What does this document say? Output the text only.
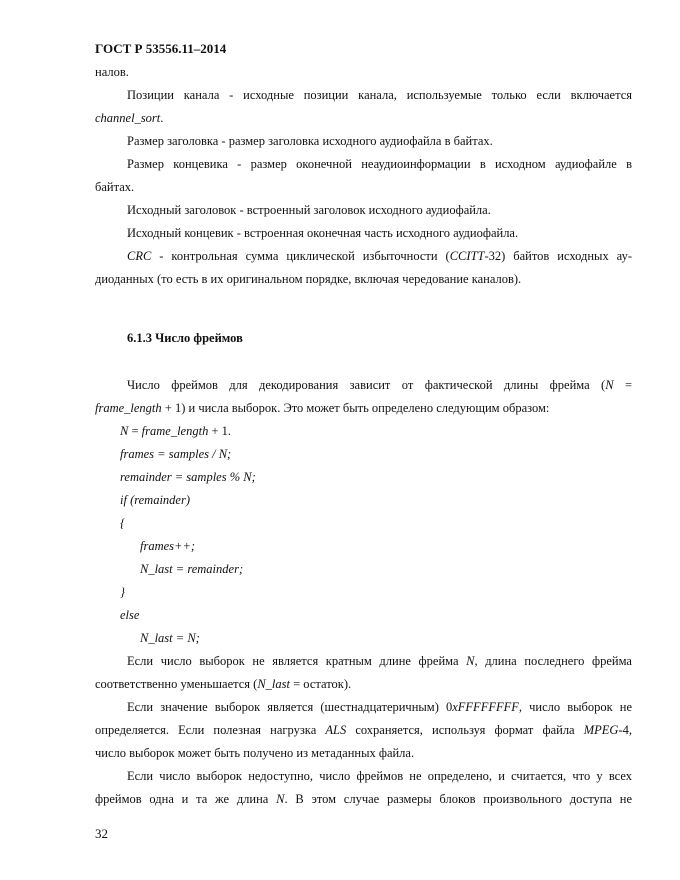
ГОСТ Р 53556.11–2014
налов.
Позиции канала - исходные позиции канала, используемые только если включается
channel_sort.
Размер заголовка - размер заголовка исходного аудиофайла в байтах.
Размер концевика - размер оконечной неаудиоинформации в исходном аудиофайле в
байтах.
Исходный заголовок - встроенный заголовок исходного аудиофайла.
Исходный концевик - встроенная оконечная часть исходного аудиофайла.
CRC - контрольная сумма циклической избыточности (CCITT-32) байтов исходных ау-
диоданных (то есть в их оригинальном порядке, включая чередование каналов).
6.1.3 Число фреймов
Число фреймов для декодирования зависит от фактической длины фрейма (N =
frame_length + 1) и числа выборок. Это может быть определено следующим образом:
N = frame_length + 1.
frames = samples / N;
remainder = samples % N;
if (remainder)
{
frames++;
N_last = remainder;
}
else
N_last = N;
Если число выборок не является кратным длине фрейма N, длина последнего фрейма
соответственно уменьшается (N_last = остаток).
Если значение выборок является (шестнадцатеричным) 0xFFFFFFFF, число выборок не
определяется. Если полезная нагрузка ALS сохраняется, используя формат файла MPEG-4,
число выборок может быть получено из метаданных файла.
Если число выборок недоступно, число фреймов не определено, и считается, что у всех
фреймов одна и та же длина N. В этом случае размеры блоков произвольного доступа не
32
